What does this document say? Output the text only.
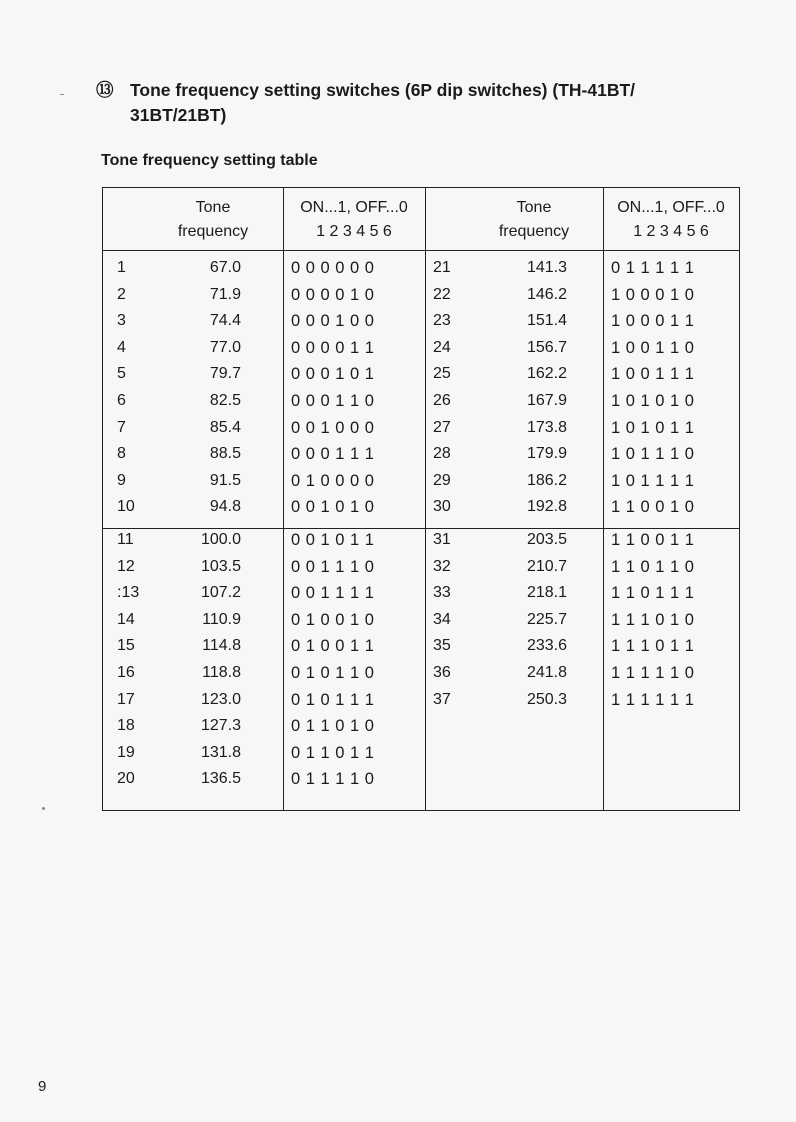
⑬ Tone frequency setting switches (6P dip switches) (TH-41BT/
31BT/21BT)
Tone frequency setting table
Tone
frequency
ON...1, OFF...0
1 2 3 4 5 6
Tone
frequency
ON...1, OFF...0
1 2 3 4 5 6
1	67.0	0 0 0 0 0 0
2	71.9	0 0 0 0 1 0
3	74.4	0 0 0 1 0 0
4	77.0	0 0 0 0 1 1
5	79.7	0 0 0 1 0 1
6	82.5	0 0 0 1 1 0
7	85.4	0 0 1 0 0 0
8	88.5	0 0 0 1 1 1
9	91.5	0 1 0 0 0 0
10	94.8	0 0 1 0 1 0
11	100.0	0 0 1 0 1 1
12	103.5	0 0 1 1 1 0
:13	107.2	0 0 1 1 1 1
14	110.9	0 1 0 0 1 0
15	114.8	0 1 0 0 1 1
16	118.8	0 1 0 1 1 0
17	123.0	0 1 0 1 1 1
18	127.3	0 1 1 0 1 0
19	131.8	0 1 1 0 1 1
20	136.5	0 1 1 1 1 0
21	141.3	0 1 1 1 1 1
22	146.2	1 0 0 0 1 0
23	151.4	1 0 0 0 1 1
24	156.7	1 0 0 1 1 0
25	162.2	1 0 0 1 1 1
26	167.9	1 0 1 0 1 0
27	173.8	1 0 1 0 1 1
28	179.9	1 0 1 1 1 0
29	186.2	1 0 1 1 1 1
30	192.8	1 1 0 0 1 0
31	203.5	1 1 0 0 1 1
32	210.7	1 1 0 1 1 0
33	218.1	1 1 0 1 1 1
34	225.7	1 1 1 0 1 0
35	233.6	1 1 1 0 1 1
36	241.8	1 1 1 1 1 0
37	250.3	1 1 1 1 1 1
9
